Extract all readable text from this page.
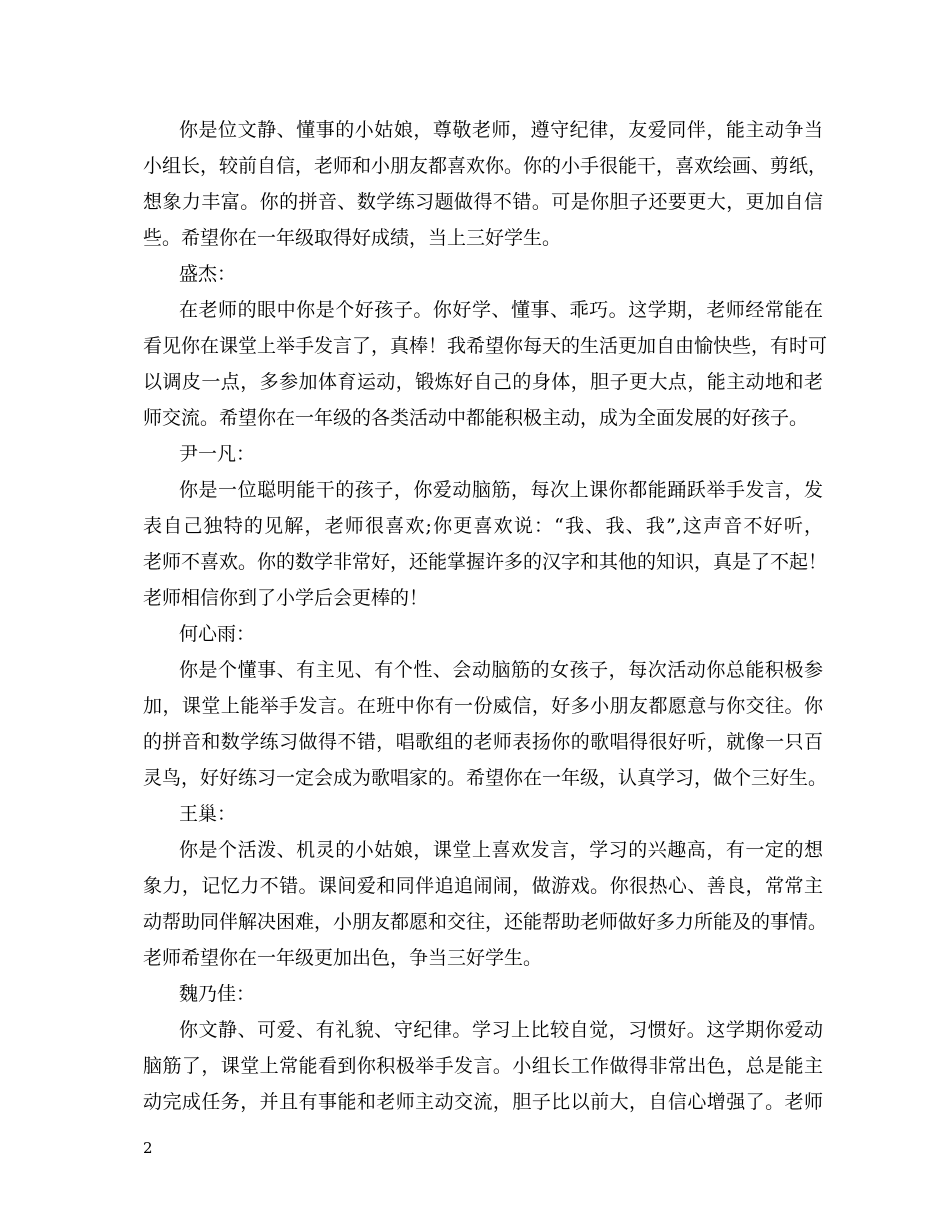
你是位文静、懂事的小姑娘，尊敬老师，遵守纪律，友爱同伴，能主动争当
小组长，较前自信，老师和小朋友都喜欢你。你的小手很能干，喜欢绘画、剪纸，
想象力丰富。你的拼音、数学练习题做得不错。可是你胆子还要更大，更加自信
些。希望你在一年级取得好成绩，当上三好学生。
盛杰：
在老师的眼中你是个好孩子。你好学、懂事、乖巧。这学期，老师经常能在
看见你在课堂上举手发言了，真棒！我希望你每天的生活更加自由愉快些，有时可
以调皮一点，多参加体育运动，锻炼好自己的身体，胆子更大点，能主动地和老
师交流。希望你在一年级的各类活动中都能积极主动，成为全面发展的好孩子。
尹一凡：
你是一位聪明能干的孩子，你爱动脑筋，每次上课你都能踊跃举手发言，发
表自己独特的见解，老师很喜欢;你更喜欢说：“我、我、我”,这声音不好听，
老师不喜欢。你的数学非常好，还能掌握许多的汉字和其他的知识，真是了不起！
老师相信你到了小学后会更棒的！
何心雨：
你是个懂事、有主见、有个性、会动脑筋的女孩子，每次活动你总能积极参
加，课堂上能举手发言。在班中你有一份威信，好多小朋友都愿意与你交往。你
的拼音和数学练习做得不错，唱歌组的老师表扬你的歌唱得很好听，就像一只百
灵鸟，好好练习一定会成为歌唱家的。希望你在一年级，认真学习，做个三好生。
王巢：
你是个活泼、机灵的小姑娘，课堂上喜欢发言，学习的兴趣高，有一定的想
象力，记忆力不错。课间爱和同伴追追闹闹，做游戏。你很热心、善良，常常主
动帮助同伴解决困难，小朋友都愿和交往，还能帮助老师做好多力所能及的事情。
老师希望你在一年级更加出色，争当三好学生。
魏乃佳：
你文静、可爱、有礼貌、守纪律。学习上比较自觉，习惯好。这学期你爱动
脑筋了，课堂上常能看到你积极举手发言。小组长工作做得非常出色，总是能主
动完成任务，并且有事能和老师主动交流，胆子比以前大，自信心增强了。老师
2
